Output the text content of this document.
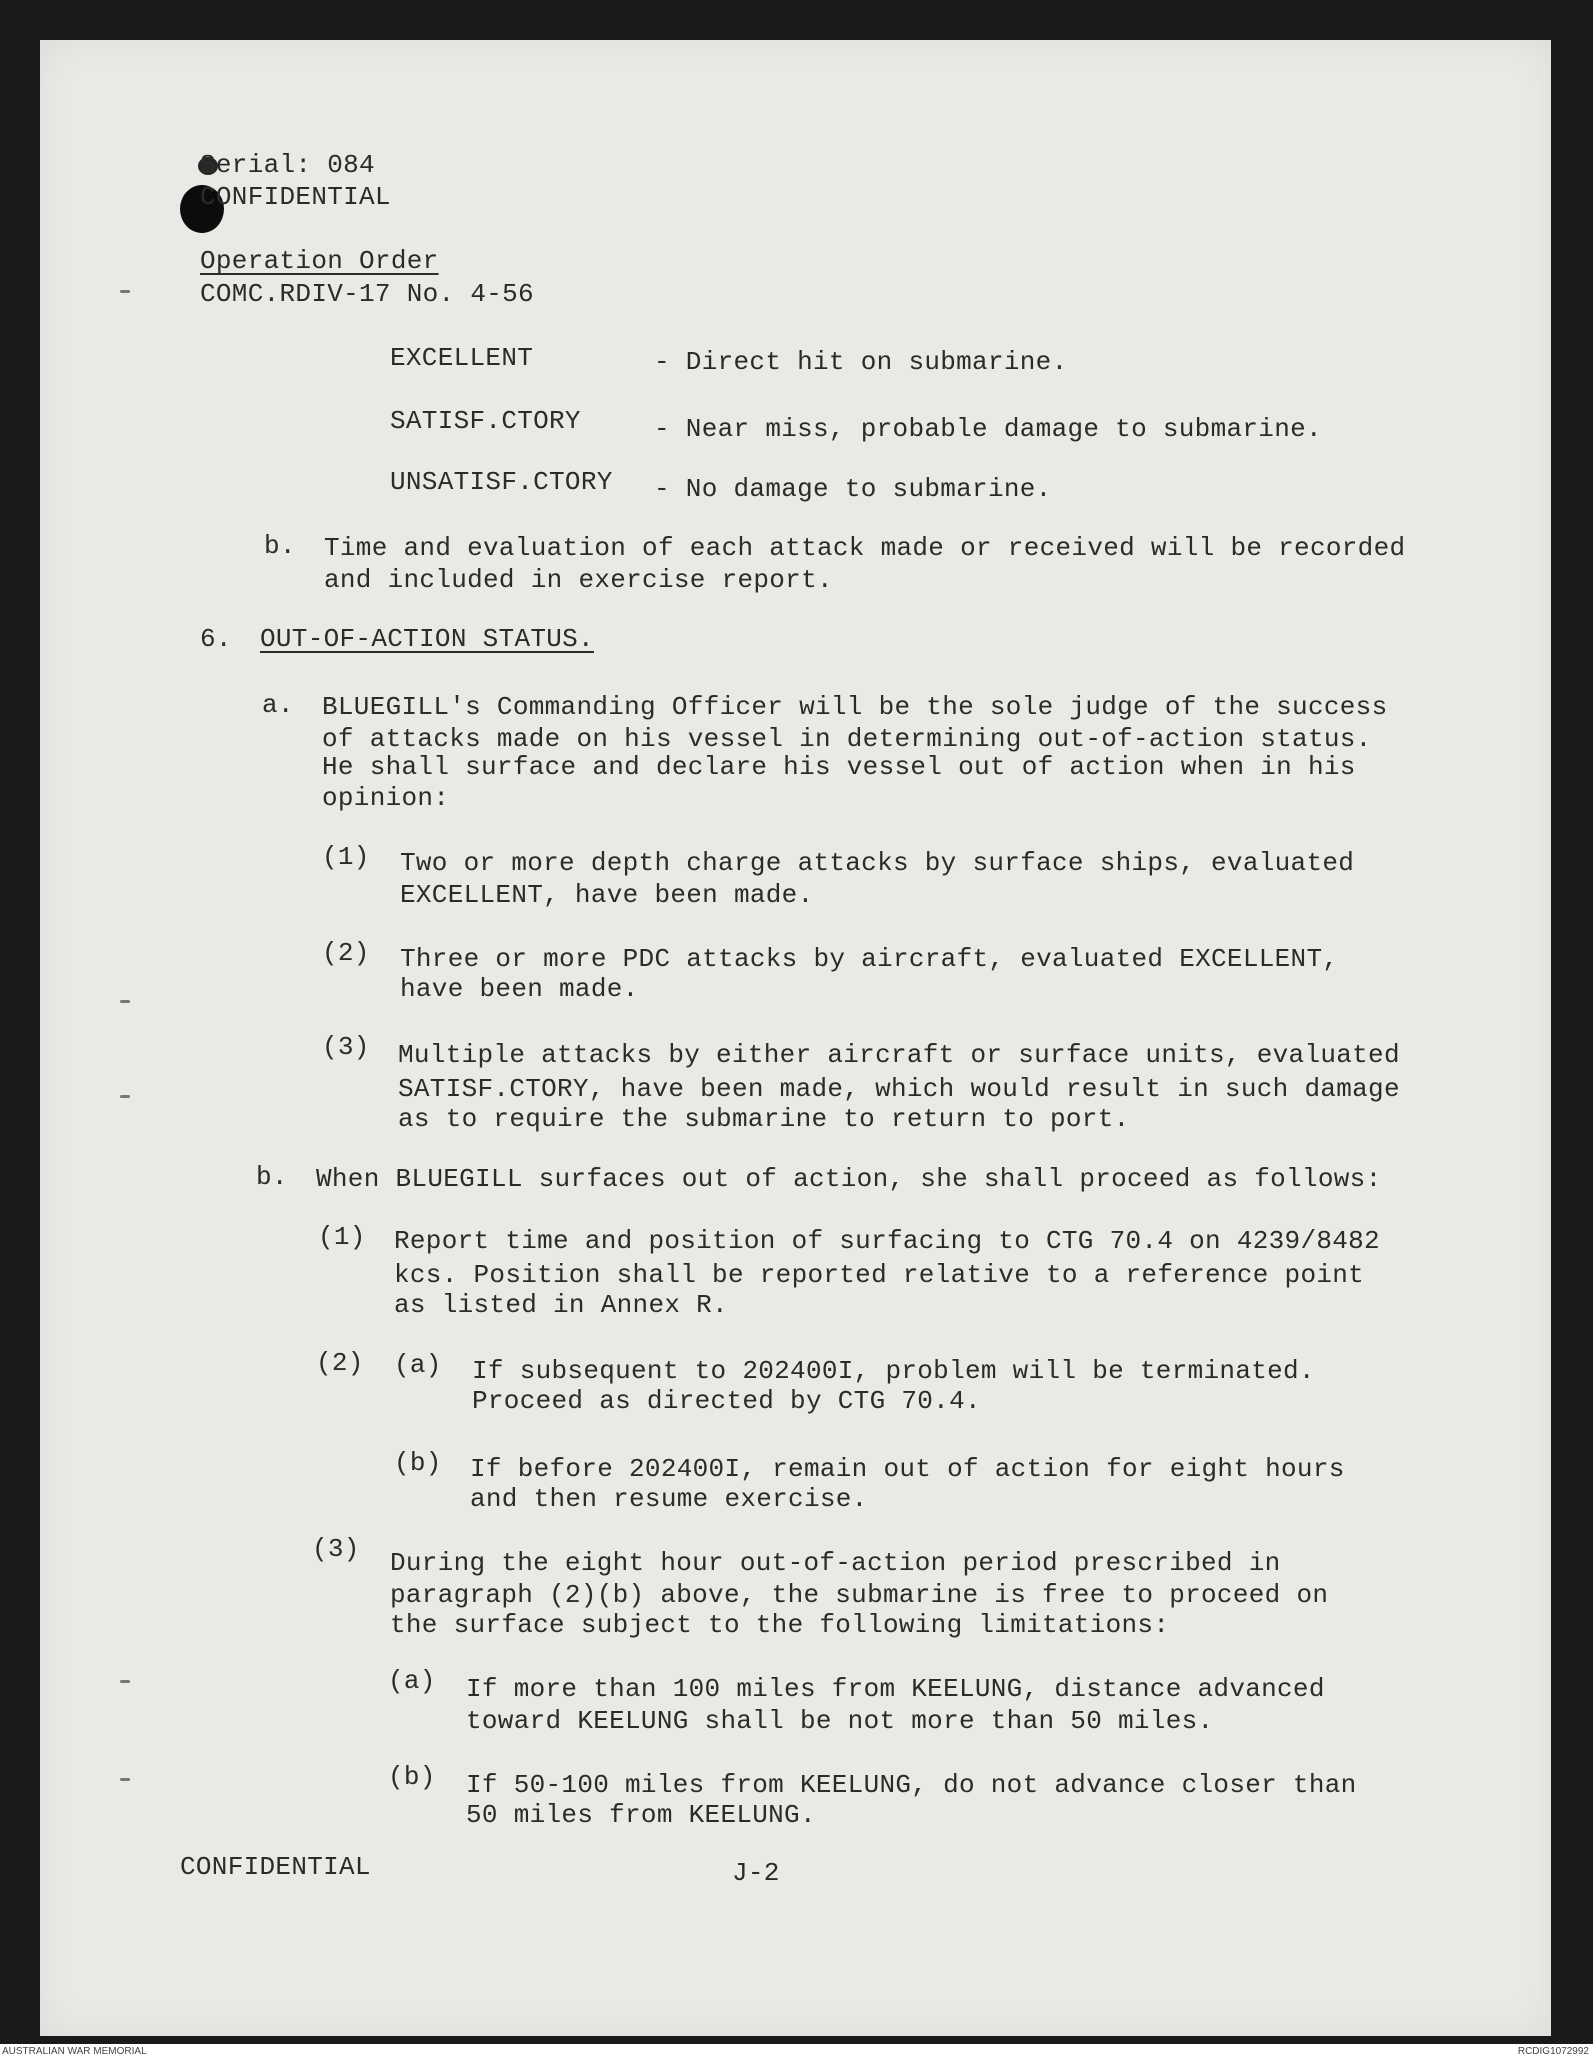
Serial: 084
CONFIDENTIAL
Operation Order
COMC.RDIV-17 No. 4-56
EXCELLENT	- Direct hit on submarine.
SATISF.CTORY	- Near miss, probable damage to submarine.
UNSATISF.CTORY - No damage to submarine.
b. Time and evaluation of each attack made or received will be recorded
and included in exercise report.
6. OUT-OF-ACTION STATUS.
a. BLUEGILL's Commanding Officer will be the sole judge of the success
of attacks made on his vessel in determining out-of-action status.
He shall surface and declare his vessel out of action when in his
opinion:
(1) Two or more depth charge attacks by surface ships, evaluated
EXCELLENT, have been made.
(2) Three or more PDC attacks by aircraft, evaluated EXCELLENT,
have been made.
(3) Multiple attacks by either aircraft or surface units, evaluated
SATISF.CTORY, have been made, which would result in such damage
as to require the submarine to return to port.
b. When BLUEGILL surfaces out of action, she shall proceed as follows:
(1) Report time and position of surfacing to CTG 70.4 on 4239/8482
kcs. Position shall be reported relative to a reference point
as listed in Annex R.
(2) (a) If subsequent to 202400I, problem will be terminated.
Proceed as directed by CTG 70.4.
(b) If before 202400I, remain out of action for eight hours
and then resume exercise.
(3) During the eight hour out-of-action period prescribed in
paragraph (2)(b) above, the submarine is free to proceed on
the surface subject to the following limitations:
(a) If more than 100 miles from KEELUNG, distance advanced
toward KEELUNG shall be not more than 50 miles.
(b) If 50-100 miles from KEELUNG, do not advance closer than
50 miles from KEELUNG.
CONFIDENTIAL	J-2
AUSTRALIAN WAR MEMORIAL	RCDIG1072992
